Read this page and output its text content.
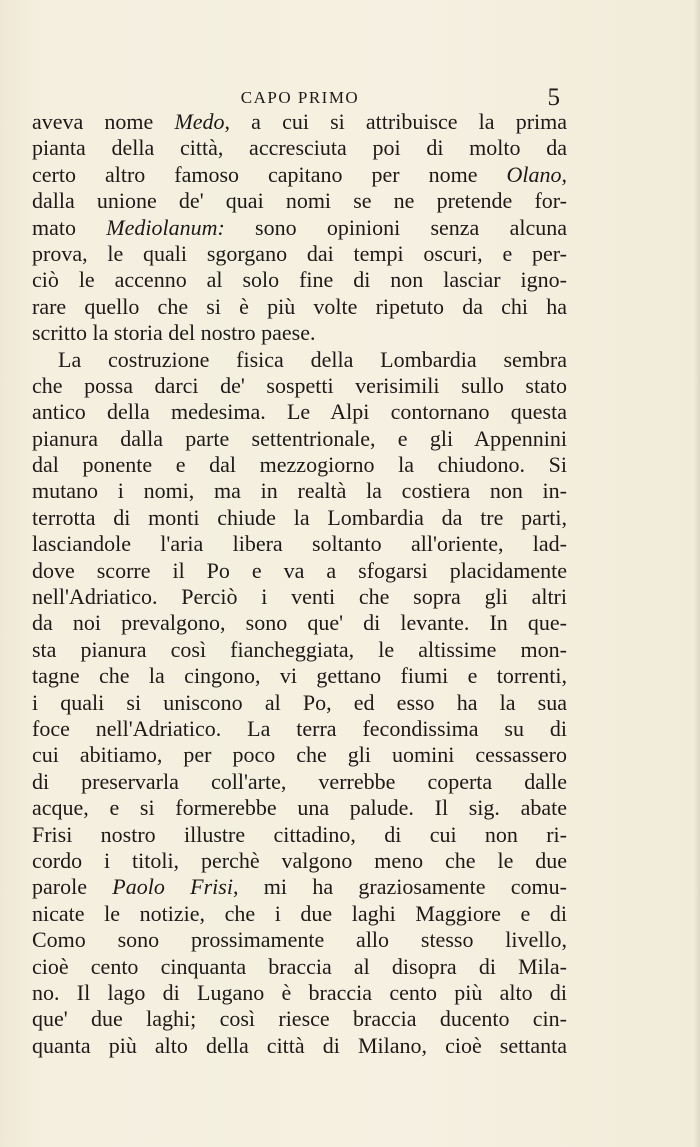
CAPO PRIMO	5
aveva nome Medo, a cui si attribuisce la prima
pianta della città, accresciuta poi di molto da
certo altro famoso capitano per nome Olano,
dalla unione de' quai nomi se ne pretende for-
mato Mediolanum: sono opinioni senza alcuna
prova, le quali sgorgano dai tempi oscuri, e per-
ciò le accenno al solo fine di non lasciar igno-
rare quello che si è più volte ripetuto da chi ha
scritto la storia del nostro paese.
La costruzione fisica della Lombardia sembra
che possa darci de' sospetti verisimili sullo stato
antico della medesima. Le Alpi contornano questa
pianura dalla parte settentrionale, e gli Appennini
dal ponente e dal mezzogiorno la chiudono. Si
mutano i nomi, ma in realtà la costiera non in-
terrotta di monti chiude la Lombardia da tre parti,
lasciandole l'aria libera soltanto all'oriente, lad-
dove scorre il Po e va a sfogarsi placidamente
nell'Adriatico. Perciò i venti che sopra gli altri
da noi prevalgono, sono que' di levante. In que-
sta pianura così fiancheggiata, le altissime mon-
tagne che la cingono, vi gettano fiumi e torrenti,
i quali si uniscono al Po, ed esso ha la sua
foce nell'Adriatico. La terra fecondissima su di
cui abitiamo, per poco che gli uomini cessassero
di preservarla coll'arte, verrebbe coperta dalle
acque, e si formerebbe una palude. Il sig. abate
Frisi nostro illustre cittadino, di cui non ri-
cordo i titoli, perchè valgono meno che le due
parole Paolo Frisi, mi ha graziosamente comu-
nicate le notizie, che i due laghi Maggiore e di
Como sono prossimamente allo stesso livello,
cioè cento cinquanta braccia al disopra di Mila-
no. Il lago di Lugano è braccia cento più alto di
que' due laghi; così riesce braccia ducento cin-
quanta più alto della città di Milano, cioè settanta
